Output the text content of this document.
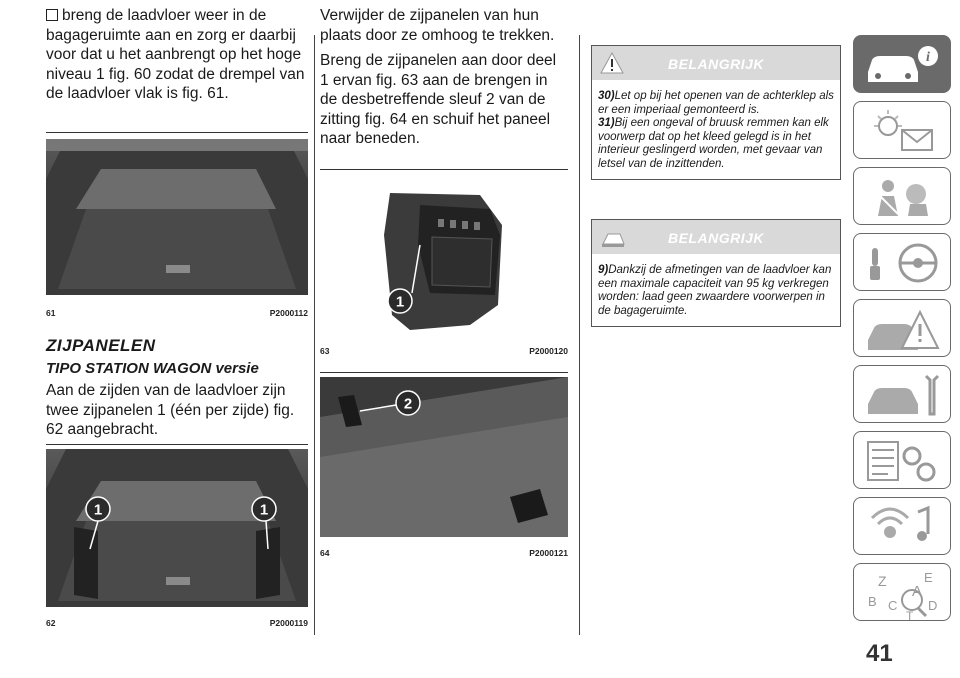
breng de laadvloer weer in de bagageruimte aan en zorg er daarbij voor dat u het aanbrengt op het hoge niveau 1 fig. 60 zodat de drempel van de laadvloer vlak is fig. 61.
61	P2000112
ZIJPANELEN
TIPO STATION WAGON versie
Aan de zijden van de laadvloer zijn twee zijpanelen 1 (één per zijde) fig. 62 aangebracht.
1	1
62	P2000119

Verwijder de zijpanelen van hun plaats door ze omhoog te trekken.

Breng de zijpanelen aan door deel 1 ervan fig. 63 aan de brengen in de desbetreffende sleuf 2 van de zitting fig. 64 en schuif het paneel naar beneden.

1
63	P2000120
2
64	P2000121
BELANGRIJK
30)Let op bij het openen van de achterklep als er een imperiaal gemonteerd is.
31)Bij een ongeval of bruusk remmen kan elk voorwerp dat op het kleed gelegd is in het interieur geslingerd worden, met gevaar van letsel van de inzittenden.
BELANGRIJK
9)Dankzij de afmetingen van de laadvloer kan een maximale capaciteit van 95 kg verkregen worden: laad geen zwaardere voorwerpen in de bagageruimte.
i
Z	E
B
A
C D
T
41
